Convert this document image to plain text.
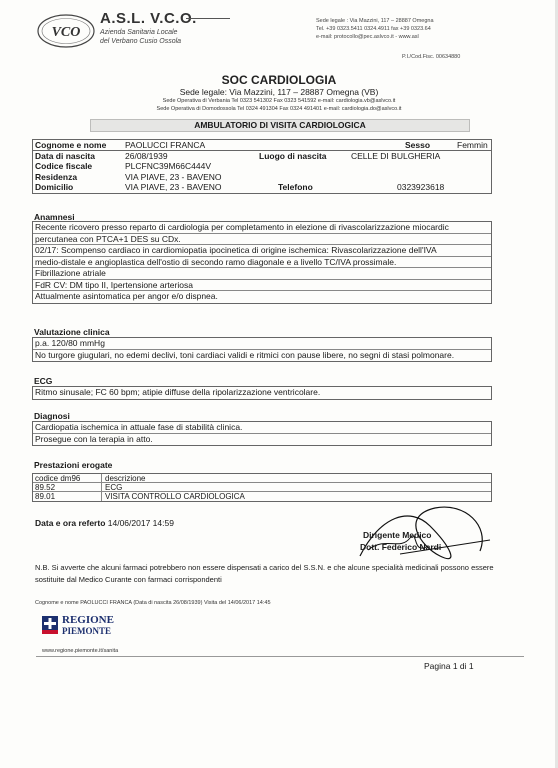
VCO
A.S.L. V.C.O.
Azienda Sanitaria Locale
del Verbano Cusio Ossola
Sede legale : Via Mazzini, 117 – 28887 Omegna
Tel. +39 0323.5411 0324.4911 fax +39 0323.64
e-mail: protocollo@pec.aslvco.it - www.asl
P.I./Cod.Fisc. 00634880
SOC CARDIOLOGIA
Sede legale: Via Mazzini, 117 – 28887 Omegna (VB)
Sede Operativa di Verbania Tel 0323 541302 Fax 0323 541592 e-mail: cardiologia.vb@aslvco.it
Sede Operativa di Domodossola Tel 0324 491304 Fax 0324 491401 e-mail: cardiologia.do@aslvco.it
AMBULATORIO DI VISITA CARDIOLOGICA
Cognome e nome PAOLUCCI FRANCA	Sesso	Femmin
Data di nascita	26/08/1939	Luogo di nascita	CELLE DI BULGHERIA
Codice fiscale	PLCFNC39M66C444V
Residenza	VIA PIAVE, 23 - BAVENO
Domicilio	VIA PIAVE, 23 - BAVENO	Telefono	0323923618
Anamnesi
Recente ricovero presso reparto di cardiologia per completamento in elezione di rivascolarizzazione miocardic
percutanea con PTCA+1 DES su CDx.
02/17: Scompenso cardiaco in cardiomiopatia ipocinetica di origine ischemica: Rivascolarizzazione dell'IVA
medio-distale e angioplastica dell'ostio di secondo ramo diagonale e a livello TC/IVA prossimale.
Fibrillazione atriale
FdR CV: DM tipo II, Ipertensione arteriosa
Attualmente asintomatica per angor e/o dispnea.
Valutazione clinica
p.a. 120/80 mmHg
No turgore giugulari, no edemi declivi, toni cardiaci validi e ritmici con pause libere, no segni di stasi polmonare.
ECG
Ritmo sinusale; FC 60 bpm; atipie diffuse della ripolarizzazione ventricolare.
Diagnosi
Cardiopatia ischemica in attuale fase di stabilità clinica.
Prosegue con la terapia in atto.
Prestazioni erogate
codice dm96	descrizione
89.52	ECG
89.01	VISITA CONTROLLO CARDIOLOGICA
Data e ora referto 14/06/2017 14:59
Dirigente Medico
Dott. Federico Nardi
N.B. Si avverte che alcuni farmaci potrebbero non essere dispensati a carico del S.S.N. e che alcune specialità medicinali possono essere sostituite dal Medico Curante con farmaci corrispondenti
Cognome e nome PAOLUCCI FRANCA (Data di nascita 26/08/1939) Visita del 14/06/2017 14:45
REGIONE
PIEMONTE
www.regione.piemonte.it/sanita
Pagina 1 di 1
